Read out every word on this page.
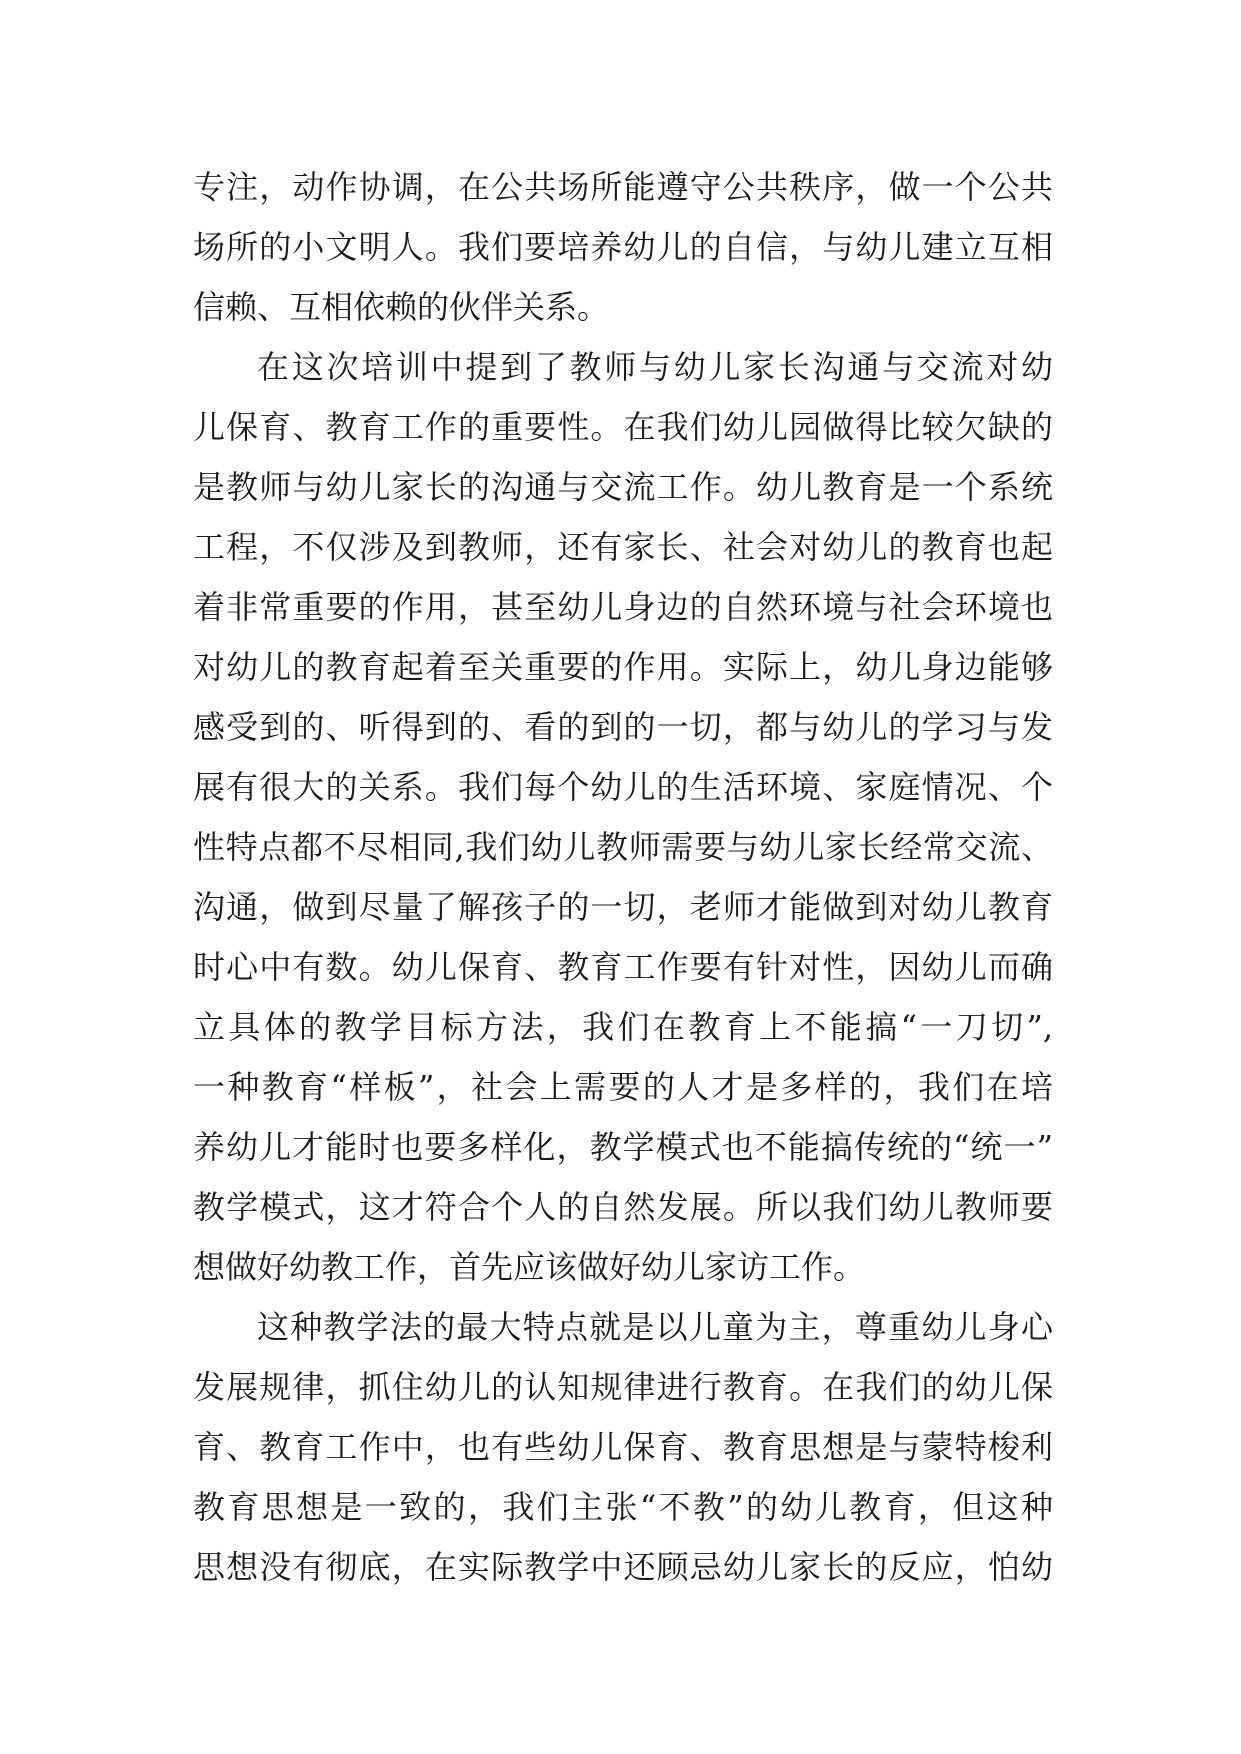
专注，动作协调，在公共场所能遵守公共秩序，做一个公共
场所的小文明人。我们要培养幼儿的自信，与幼儿建立互相
信赖、互相依赖的伙伴关系。
在这次培训中提到了教师与幼儿家长沟通与交流对幼
儿保育、教育工作的重要性。在我们幼儿园做得比较欠缺的
是教师与幼儿家长的沟通与交流工作。幼儿教育是一个系统
工程，不仅涉及到教师，还有家长、社会对幼儿的教育也起
着非常重要的作用，甚至幼儿身边的自然环境与社会环境也
对幼儿的教育起着至关重要的作用。实际上，幼儿身边能够
感受到的、听得到的、看的到的一切，都与幼儿的学习与发
展有很大的关系。我们每个幼儿的生活环境、家庭情况、个
性特点都不尽相同,我们幼儿教师需要与幼儿家长经常交流、
沟通，做到尽量了解孩子的一切，老师才能做到对幼儿教育
时心中有数。幼儿保育、教育工作要有针对性，因幼儿而确
立具体的教学目标方法，我们在教育上不能搞“一刀切”,
一种教育“样板”，社会上需要的人才是多样的，我们在培
养幼儿才能时也要多样化，教学模式也不能搞传统的“统一”
教学模式，这才符合个人的自然发展。所以我们幼儿教师要
想做好幼教工作，首先应该做好幼儿家访工作。
这种教学法的最大特点就是以儿童为主，尊重幼儿身心
发展规律，抓住幼儿的认知规律进行教育。在我们的幼儿保
育、教育工作中，也有些幼儿保育、教育思想是与蒙特梭利
教育思想是一致的，我们主张“不教”的幼儿教育，但这种
思想没有彻底，在实际教学中还顾忌幼儿家长的反应，怕幼
